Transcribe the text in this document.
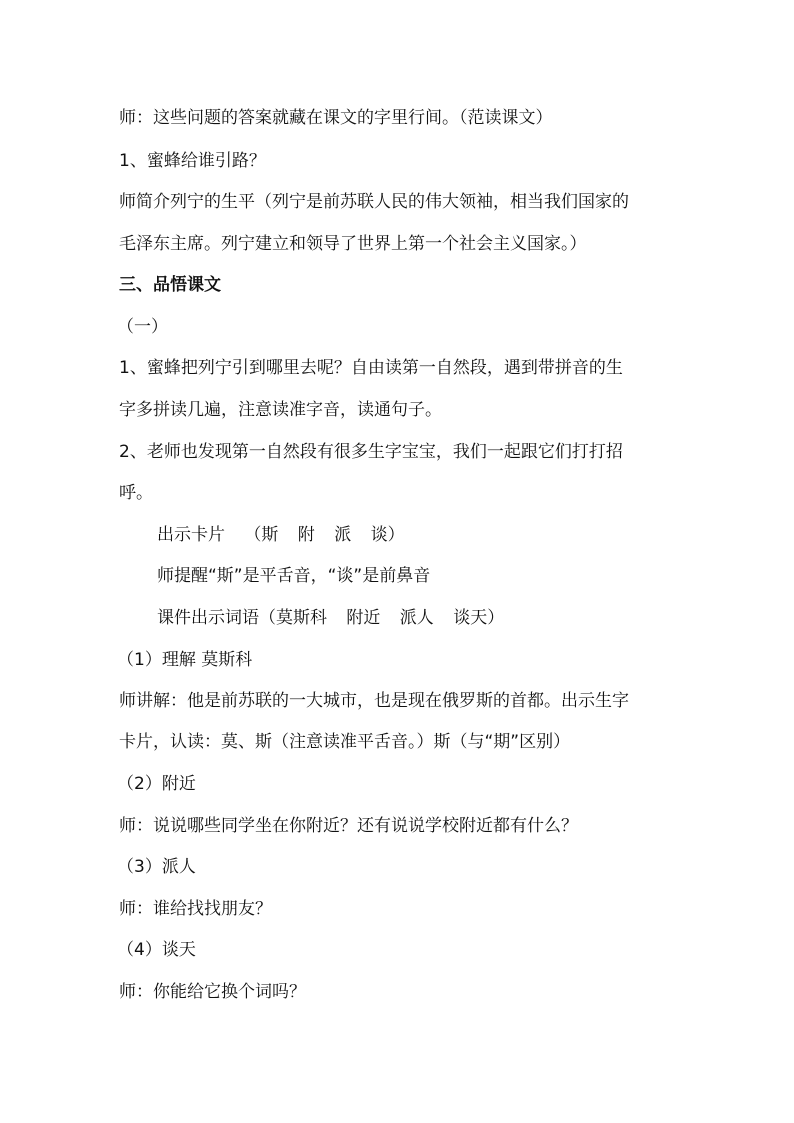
师：这些问题的答案就藏在课文的字里行间。（范读课文）
1、蜜蜂给谁引路？
师简介列宁的生平（列宁是前苏联人民的伟大领袖，相当我们国家的
毛泽东主席。列宁建立和领导了世界上第一个社会主义国家。）
三、品悟课文
（一）
1、蜜蜂把列宁引到哪里去呢？自由读第一自然段，遇到带拼音的生
字多拼读几遍，注意读准字音，读通句子。
2、老师也发现第一自然段有很多生字宝宝，我们一起跟它们打打招
呼。
出示卡片 （斯 附 派 谈）
师提醒“斯”是平舌音，“谈”是前鼻音
课件出示词语（莫斯科 附近 派人 谈天）
（1）理解 莫斯科
师讲解：他是前苏联的一大城市，也是现在俄罗斯的首都。出示生字
卡片，认读：莫、斯（注意读准平舌音。）斯（与“期”区别）
（2）附近
师：说说哪些同学坐在你附近？还有说说学校附近都有什么？
（3）派人
师：谁给找找朋友？
（4）谈天
师：你能给它换个词吗？
